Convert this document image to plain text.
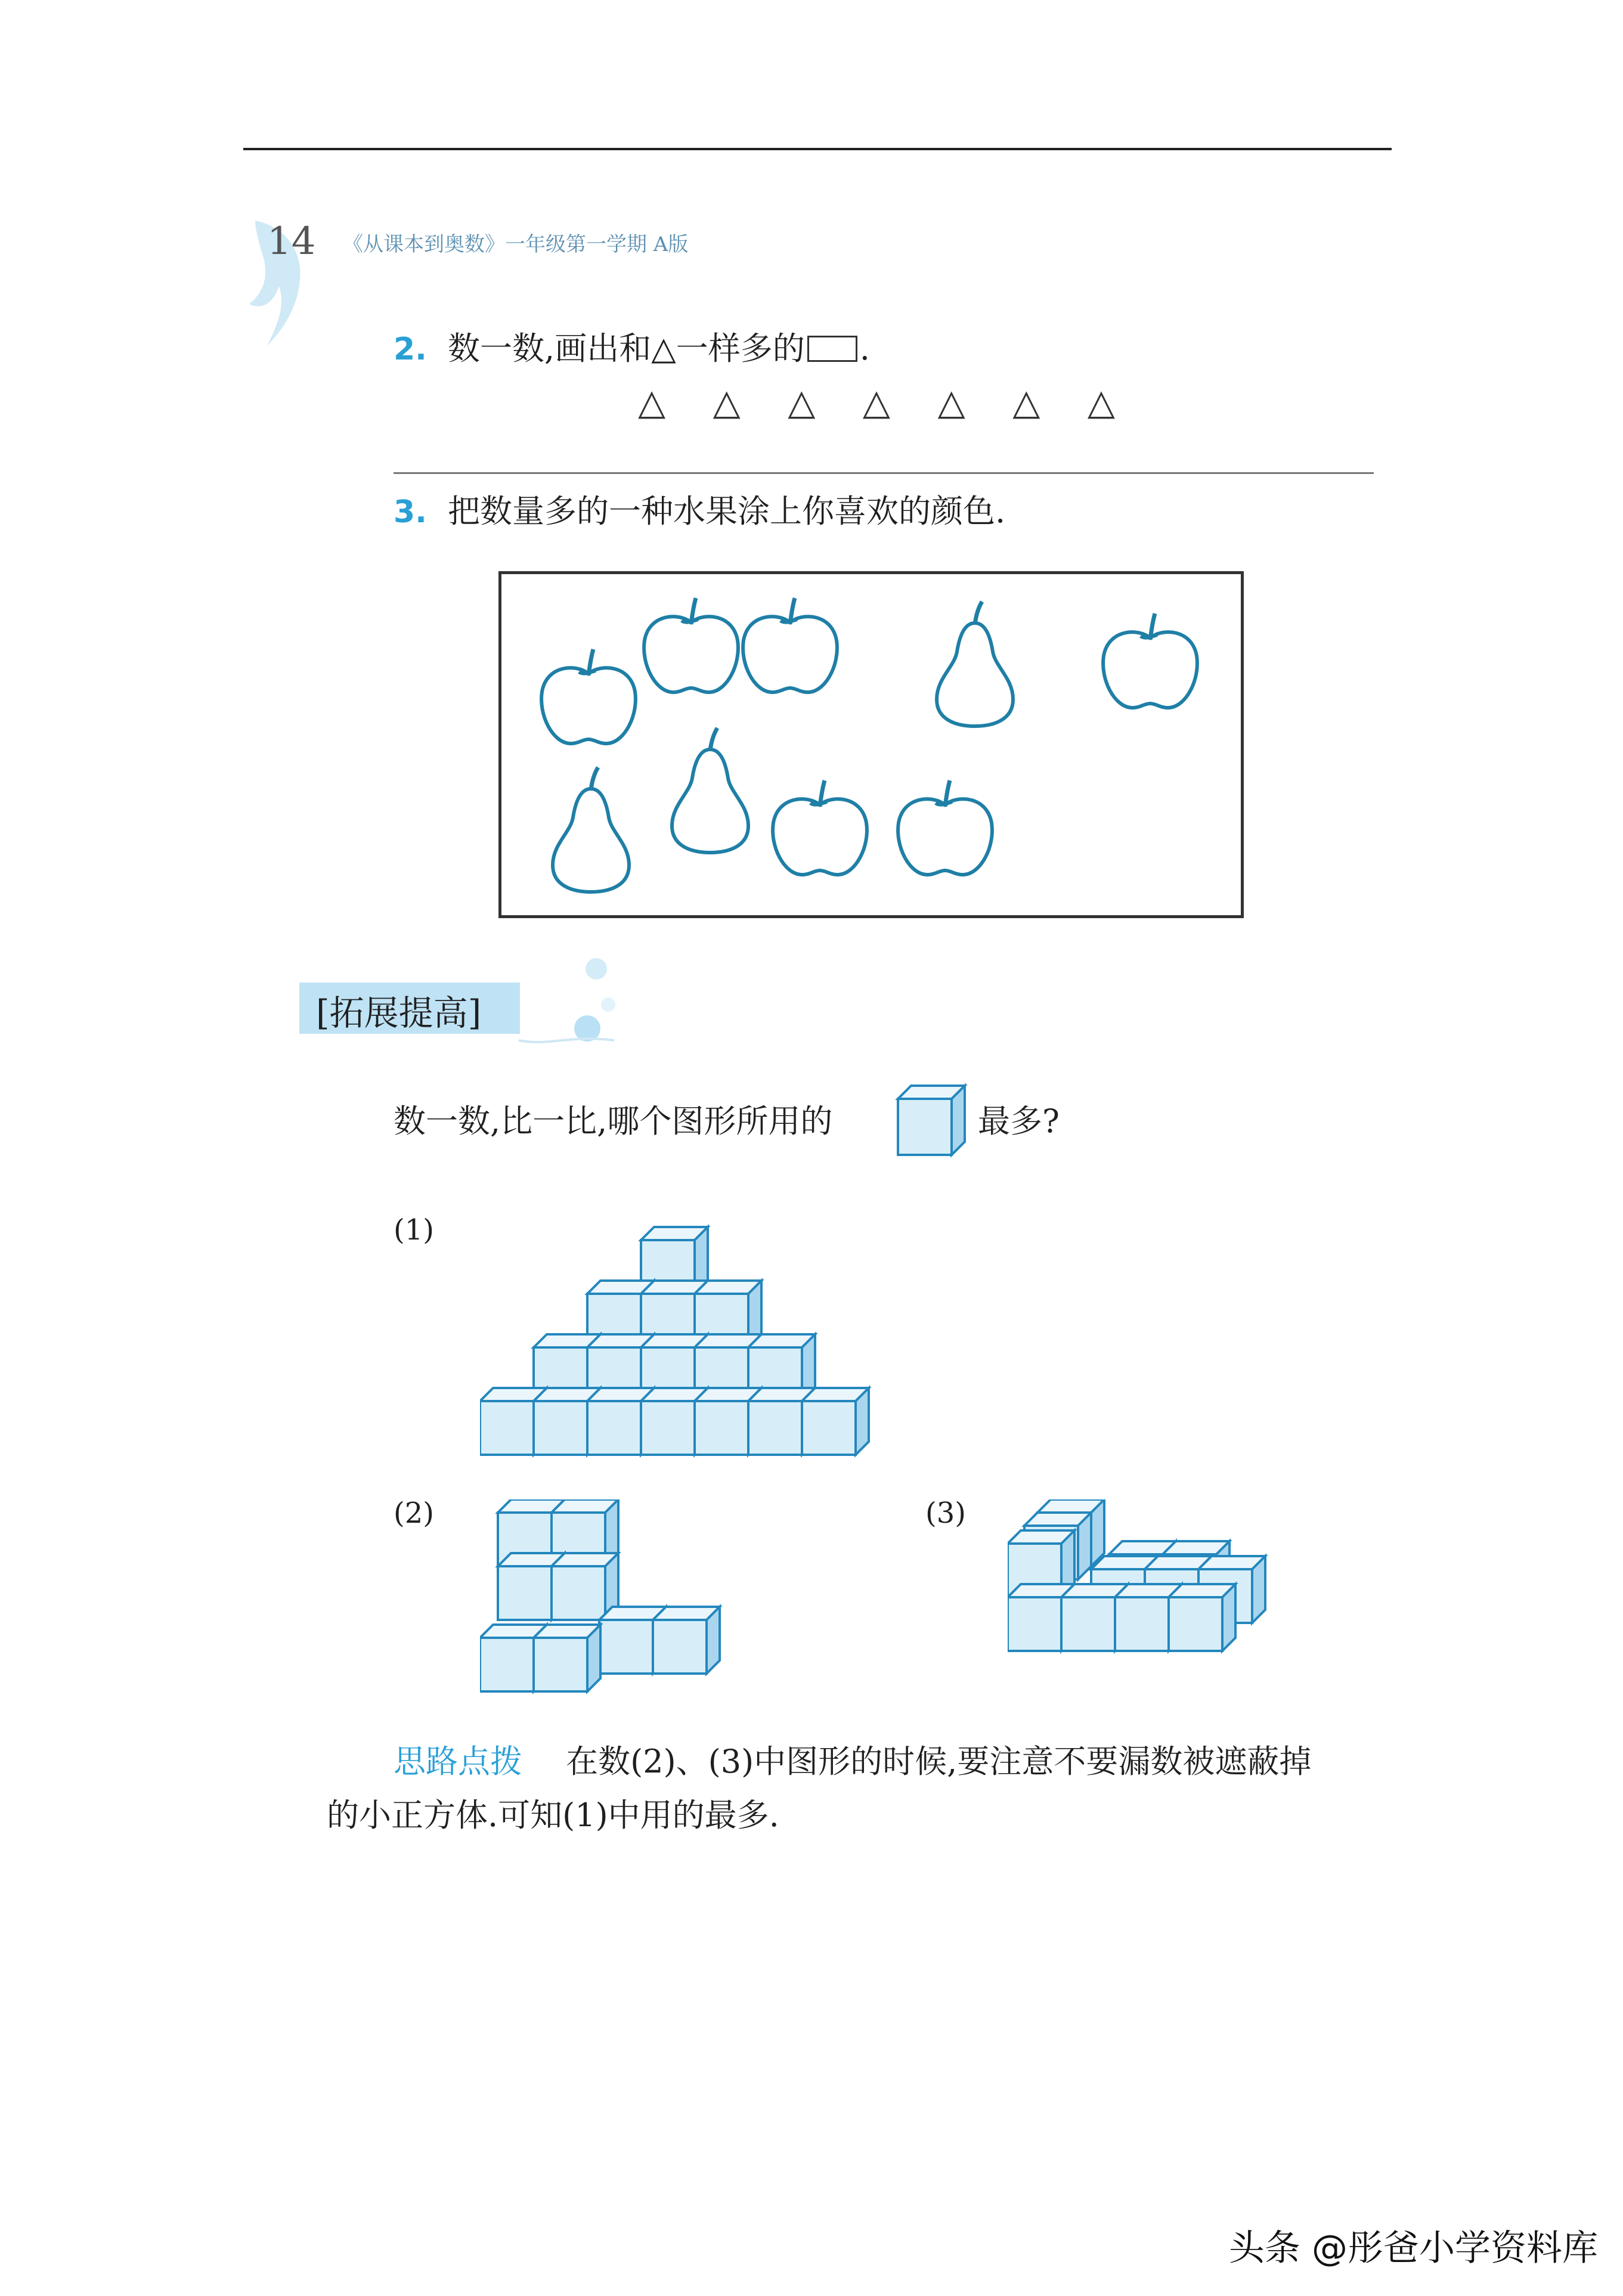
14 《从课本到奥数》一年级第一学期 A版
2. 数一数,画出和△一样多的 .
△ △ △ △ △ △ △
3. 把数量多的一种水果涂上你喜欢的颜色.
[拓展提高]
数一数,比一比,哪个图形所用的	最多?
(1)
(2)	(3)
思路点拨 在数(2)、(3)中图形的时候,要注意不要漏数被遮蔽掉
的小正方体.可知(1)中用的最多.
头条 @彤爸小学资料库
